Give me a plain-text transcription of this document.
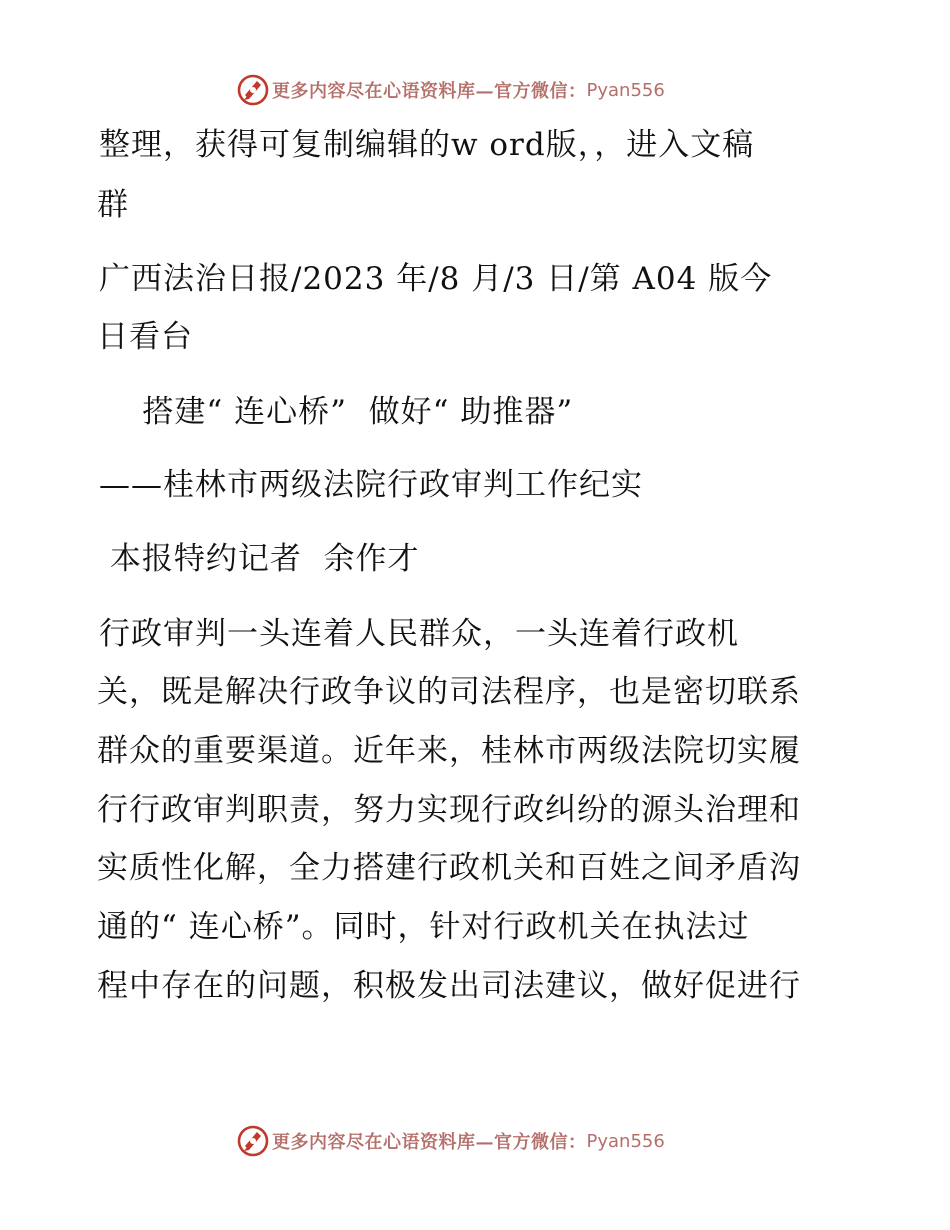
更多内容尽在心语资料库—官方微信： Pyan556
整理，获得可复制编辑的w ord版，，进入文稿
群
广西法治日报/2023 年/8 月/3 日/第 A04 版今
日看台
搭建“ 连心桥”  做好“ 助推器”
——桂林市两级法院行政审判工作纪实
本报特约记者  余作才
行政审判一头连着人民群众，一头连着行政机
关，既是解决行政争议的司法程序，也是密切联系
群众的重要渠道。近年来，桂林市两级法院切实履
行行政审判职责，努力实现行政纠纷的源头治理和
实质性化解，全力搭建行政机关和百姓之间矛盾沟
通的“ 连心桥”。同时，针对行政机关在执法过
程中存在的问题，积极发出司法建议，做好促进行
更多内容尽在心语资料库—官方微信： Pyan556
